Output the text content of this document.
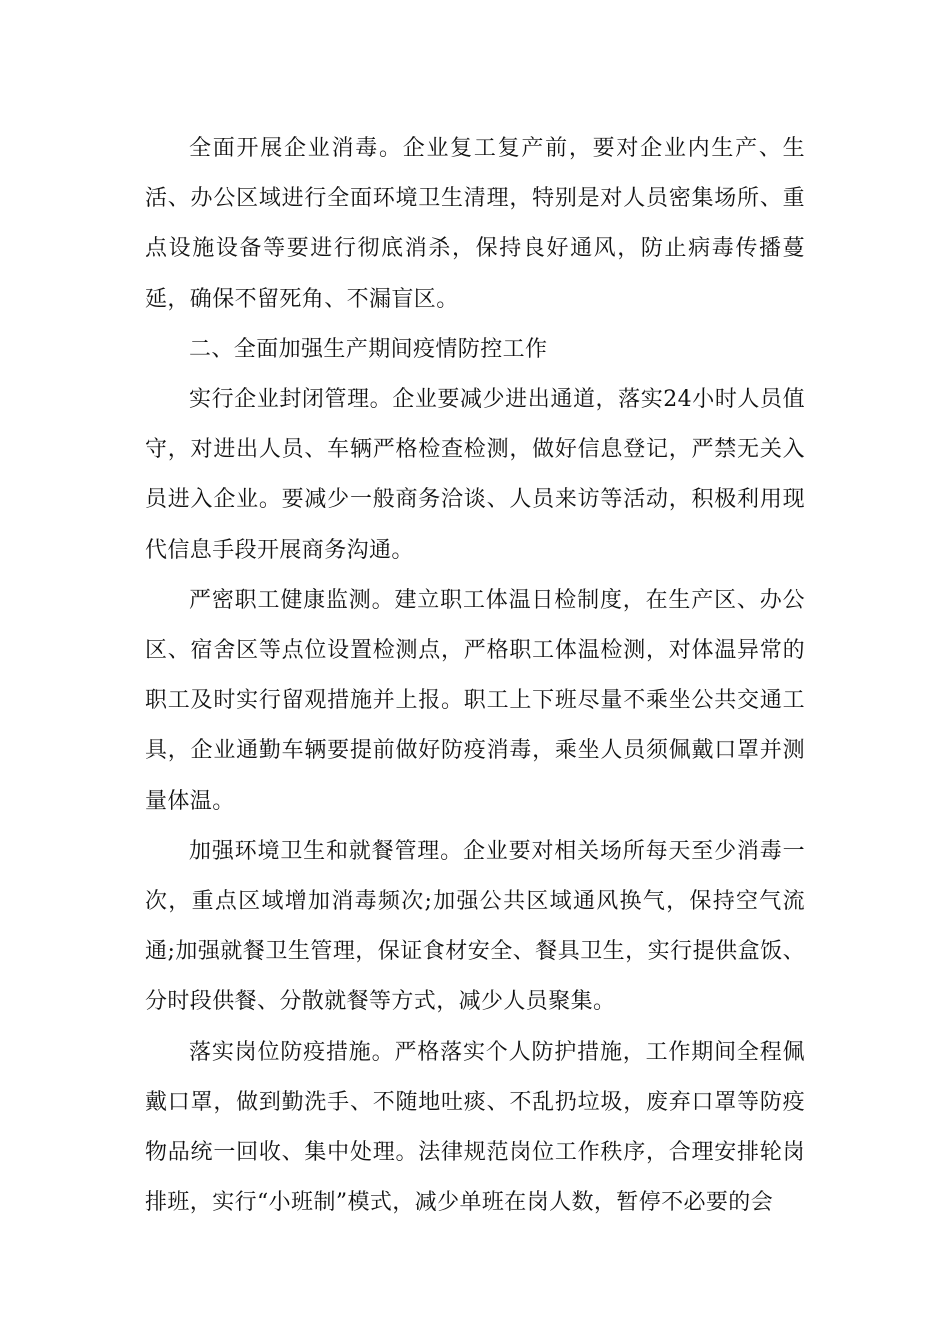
全面开展企业消毒。企业复工复产前，要对企业内生产、生活、办公区域进行全面环境卫生清理，特别是对人员密集场所、重点设施设备等要进行彻底消杀，保持良好通风，防止病毒传播蔓延，确保不留死角、不漏盲区。

二、全面加强生产期间疫情防控工作

实行企业封闭管理。企业要减少进出通道，落实24小时人员值守，对进出人员、车辆严格检查检测，做好信息登记，严禁无关入员进入企业。要减少一般商务洽谈、人员来访等活动，积极利用现代信息手段开展商务沟通。

严密职工健康监测。建立职工体温日检制度，在生产区、办公区、宿舍区等点位设置检测点，严格职工体温检测，对体温异常的职工及时实行留观措施并上报。职工上下班尽量不乘坐公共交通工具，企业通勤车辆要提前做好防疫消毒，乘坐人员须佩戴口罩并测量体温。

加强环境卫生和就餐管理。企业要对相关场所每天至少消毒一次，重点区域增加消毒频次;加强公共区域通风换气，保持空气流通;加强就餐卫生管理，保证食材安全、餐具卫生，实行提供盒饭、分时段供餐、分散就餐等方式，减少人员聚集。

落实岗位防疫措施。严格落实个人防护措施，工作期间全程佩戴口罩，做到勤洗手、不随地吐痰、不乱扔垃圾，废弃口罩等防疫物品统一回收、集中处理。法律规范岗位工作秩序，合理安排轮岗排班，实行“小班制”模式，减少单班在岗人数，暂停不必要的会
